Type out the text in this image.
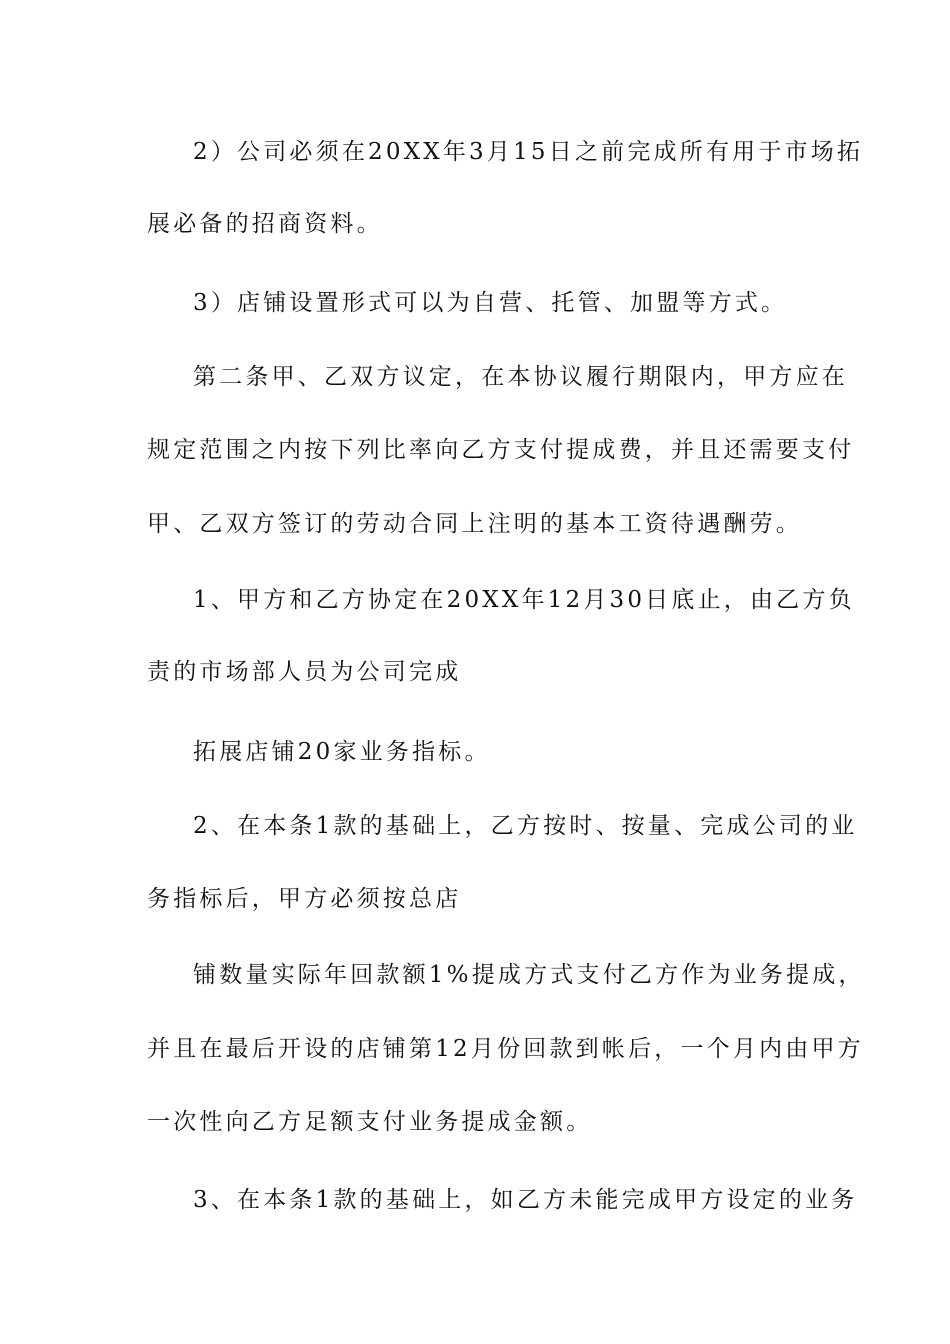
2）公司必须在20XX年3月15日之前完成所有用于市场拓
展必备的招商资料。
3）店铺设置形式可以为自营、托管、加盟等方式。
第二条甲、乙双方议定，在本协议履行期限内，甲方应在
规定范围之内按下列比率向乙方支付提成费，并且还需要支付
甲、乙双方签订的劳动合同上注明的基本工资待遇酬劳。
1、甲方和乙方协定在20XX年12月30日底止，由乙方负
责的市场部人员为公司完成
拓展店铺20家业务指标。
2、在本条1款的基础上，乙方按时、按量、完成公司的业
务指标后，甲方必须按总店
铺数量实际年回款额1%提成方式支付乙方作为业务提成，
并且在最后开设的店铺第12月份回款到帐后，一个月内由甲方
一次性向乙方足额支付业务提成金额。
3、在本条1款的基础上，如乙方未能完成甲方设定的业务
